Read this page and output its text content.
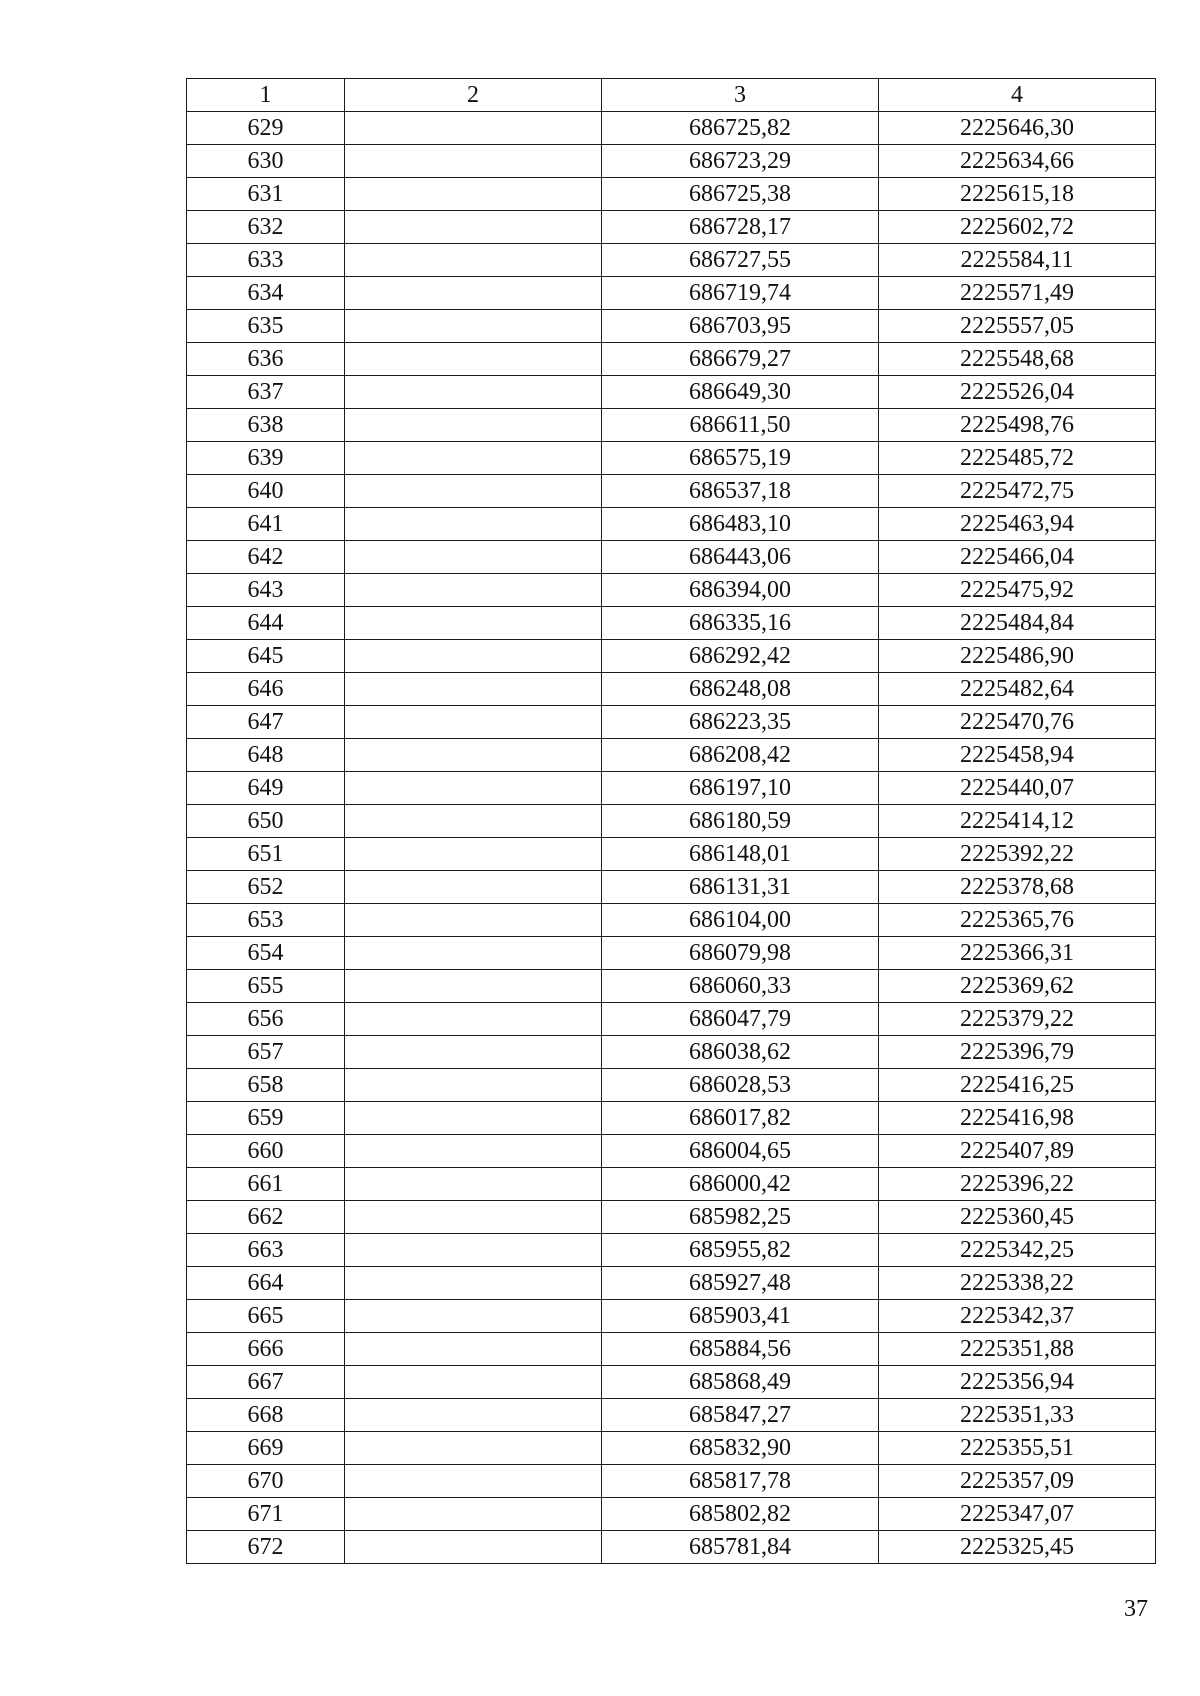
1	2	3	4
629		686725,82	2225646,30
630		686723,29	2225634,66
631		686725,38	2225615,18
632		686728,17	2225602,72
633		686727,55	2225584,11
634		686719,74	2225571,49
635		686703,95	2225557,05
636		686679,27	2225548,68
637		686649,30	2225526,04
638		686611,50	2225498,76
639		686575,19	2225485,72
640		686537,18	2225472,75
641		686483,10	2225463,94
642		686443,06	2225466,04
643		686394,00	2225475,92
644		686335,16	2225484,84
645		686292,42	2225486,90
646		686248,08	2225482,64
647		686223,35	2225470,76
648		686208,42	2225458,94
649		686197,10	2225440,07
650		686180,59	2225414,12
651		686148,01	2225392,22
652		686131,31	2225378,68
653		686104,00	2225365,76
654		686079,98	2225366,31
655		686060,33	2225369,62
656		686047,79	2225379,22
657		686038,62	2225396,79
658		686028,53	2225416,25
659		686017,82	2225416,98
660		686004,65	2225407,89
661		686000,42	2225396,22
662		685982,25	2225360,45
663		685955,82	2225342,25
664		685927,48	2225338,22
665		685903,41	2225342,37
666		685884,56	2225351,88
667		685868,49	2225356,94
668		685847,27	2225351,33
669		685832,90	2225355,51
670		685817,78	2225357,09
671		685802,82	2225347,07
672		685781,84	2225325,45
37
